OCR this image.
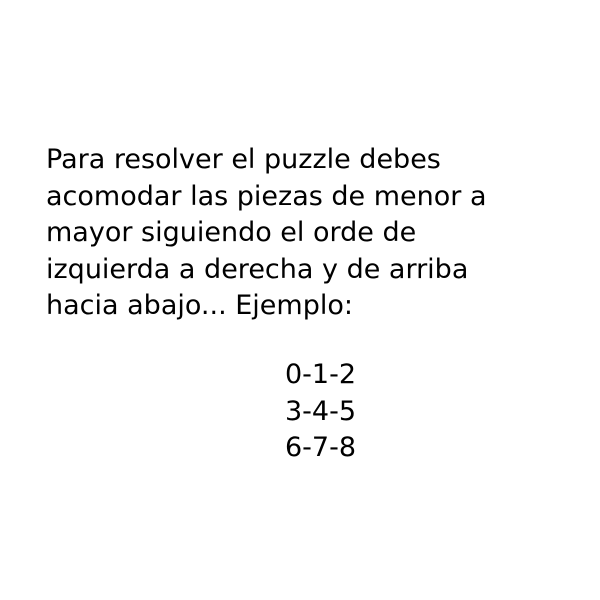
Para resolver el puzzle debes
acomodar las piezas de menor a
mayor siguiendo el orde de
izquierda a derecha y de arriba
hacia abajo... Ejemplo:
0-1-2
3-4-5
6-7-8
